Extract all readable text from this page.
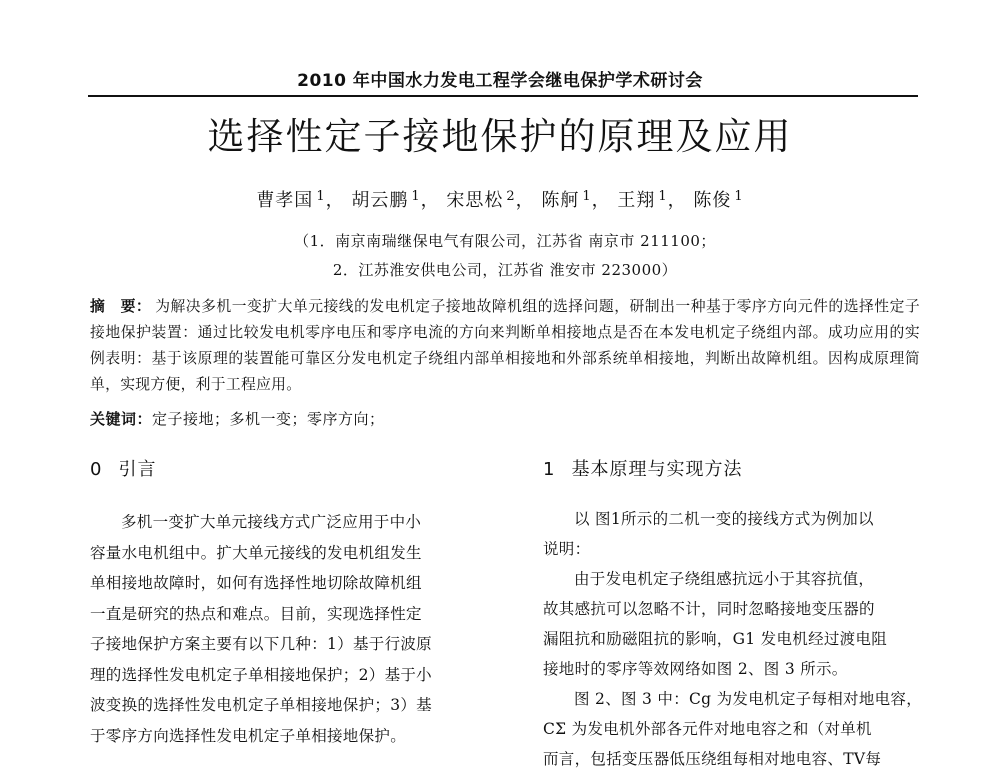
2010 年中国水力发电工程学会继电保护学术研讨会
选择性定子接地保护的原理及应用
曹孝国 $^1$， 胡云鹏 $^1$， 宋思松 $^2$， 陈舸 $^1$， 王翔 $^1$， 陈俊 $^1$
（1．南京南瑞继保电气有限公司，江苏省 南京市 211100；
2．江苏淮安供电公司，江苏省 淮安市 223000）
摘　要： 为解决多机一变扩大单元接线的发电机定子接地故障机组的选择问题，研制出一种基于零序方向元件的选择性定子接地保护装置：通过比较发电机零序电压和零序电流的方向来判断单相接地点是否在本发电机定子绕组内部。成功应用的实例表明：基于该原理的装置能可靠区分发电机定子绕组内部单相接地和外部系统单相接地，判断出故障机组。因构成原理简单，实现方便，利于工程应用。
关键词：定子接地；多机一变；零序方向；
0 引言	1 基本原理与实现方法
多机一变扩大单元接线方式广泛应用于中小
容量水电机组中。扩大单元接线的发电机组发生
单相接地故障时，如何有选择性地切除故障机组
一直是研究的热点和难点。目前，实现选择性定
子接地保护方案主要有以下几种：1）基于行波原
理的选择性发电机定子单相接地保护；2）基于小
波变换的选择性发电机定子单相接地保护；3）基
于零序方向选择性发电机定子单相接地保护。
以 图1所示的二机一变的接线方式为例加以
说明：
由于发电机定子绕组感抗远小于其容抗值，
故其感抗可以忽略不计，同时忽略接地变压器的
漏阻抗和励磁阻抗的影响，G1 发电机经过渡电阻
接地时的零序等效网络如图 2、图 3 所示。
图 2、图 3 中：Cg 为发电机定子每相对地电容，
CΣ 为发电机外部各元件对地电容之和（对单机
而言，包括变压器低压绕组每相对地电容、TV每
